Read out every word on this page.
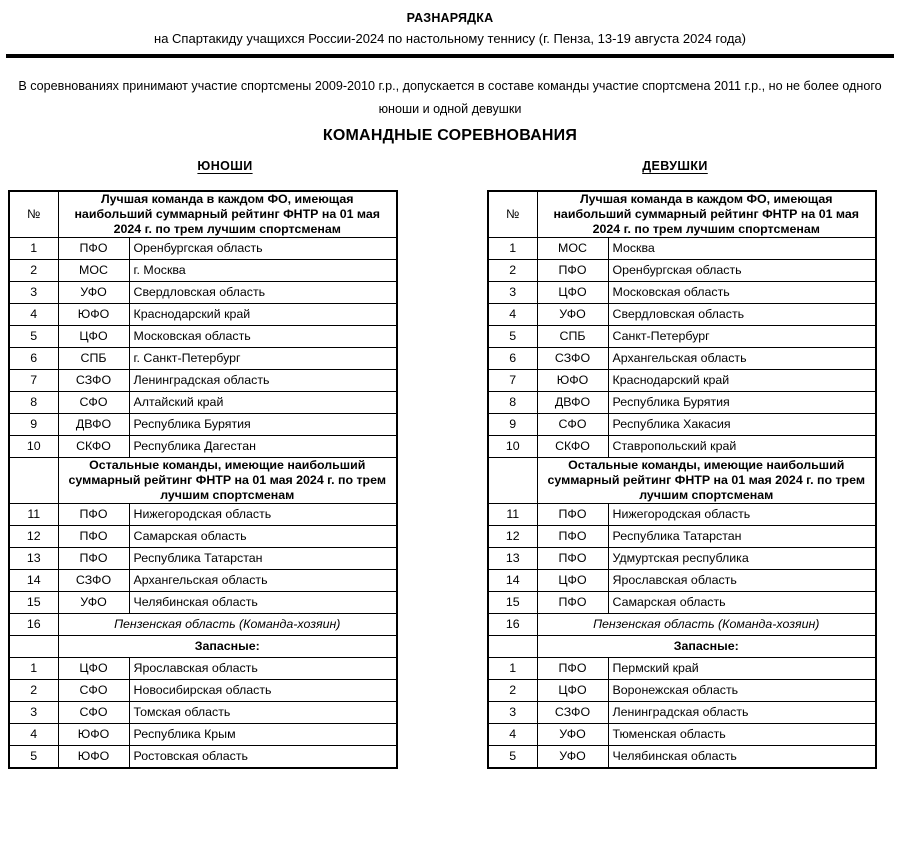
РАЗНАРЯДКА
на Спартакиду учащихся России-2024 по настольному теннису (г. Пенза, 13-19 августа 2024 года)
В соревнованиях принимают участие спортсмены 2009-2010 г.р., допускается в составе команды участие спортсмена 2011 г.р., но не более одного юноши и одной девушки
КОМАНДНЫЕ СОРЕВНОВАНИЯ
ЮНОШИ	ДЕВУШКИ
№	Лучшая команда в каждом ФО, имеющая наибольший суммарный рейтинг ФНТР на 01 мая 2024 г. по трем лучшим спортсменам	
1	ПФО	Оренбургская область
2	МОС	г. Москва
3	УФО	Свердловская область
4	ЮФО	Краснодарский край
5	ЦФО	Московская область
6	СПБ	г. Санкт-Петербург
7	СЗФО	Ленинградская область
8	СФО	Алтайский край
9	ДВФО	Республика Бурятия
10	СКФО	Республика Дагестан
	Остальные команды, имеющие наибольший суммарный рейтинг ФНТР на 01 мая 2024 г. по трем лучшим спортсменам	
11	ПФО	Нижегородская область
12	ПФО	Самарская область
13	ПФО	Республика Татарстан
14	СЗФО	Архангельская область
15	УФО	Челябинская область
16	Пензенская область (Команда-хозяин)	
	Запасные:	
1	ЦФО	Ярославская область
2	СФО	Новосибирская область
3	СФО	Томская область
4	ЮФО	Республика Крым
5	ЮФО	Ростовская область
№	Лучшая команда в каждом ФО, имеющая наибольший суммарный рейтинг ФНТР на 01 мая 2024 г. по трем лучшим спортсменам	
1	МОС	Москва
2	ПФО	Оренбургская область
3	ЦФО	Московская область
4	УФО	Свердловская область
5	СПБ	Санкт-Петербург
6	СЗФО	Архангельская область
7	ЮФО	Краснодарский край
8	ДВФО	Республика Бурятия
9	СФО	Республика Хакасия
10	СКФО	Ставропольский край
	Остальные команды, имеющие наибольший суммарный рейтинг ФНТР на 01 мая 2024 г. по трем лучшим спортсменам	
11	ПФО	Нижегородская область
12	ПФО	Республика Татарстан
13	ПФО	Удмуртская республика
14	ЦФО	Ярославская область
15	ПФО	Самарская область
16	Пензенская область (Команда-хозяин)	
	Запасные:	
1	ПФО	Пермский край
2	ЦФО	Воронежская область
3	СЗФО	Ленинградская область
4	УФО	Тюменская область
5	УФО	Челябинская область
